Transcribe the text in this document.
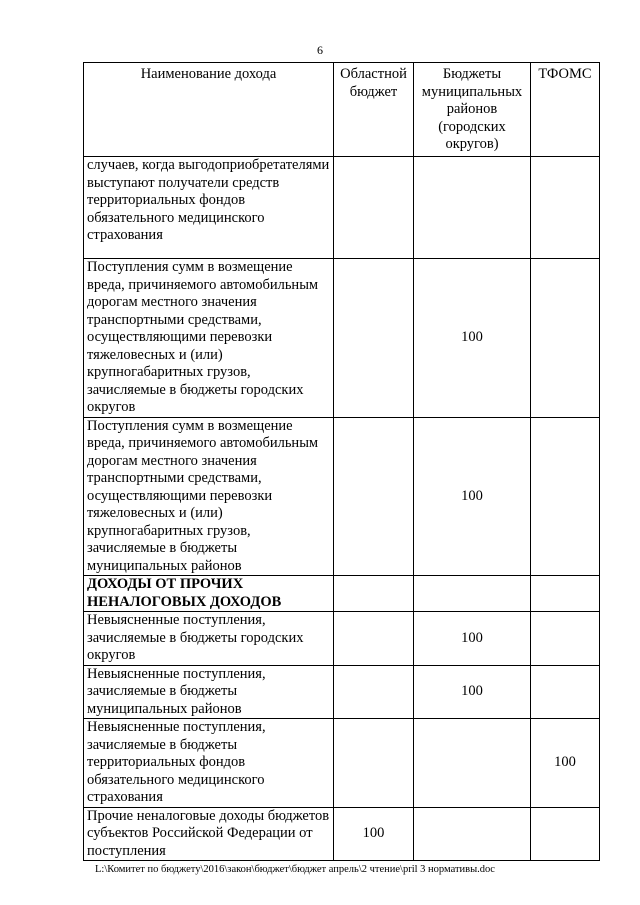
6
Наименование дохода	Областной бюджет	Бюджеты муниципальных районов (городских округов)	ТФОМС
случаев, когда выгодоприобретателями выступают получатели средств территориальных фондов обязательного медицинского страхования			
Поступления сумм в возмещение вреда, причиняемого автомобильным дорогам местного значения транспортными средствами, осуществляющими перевозки тяжеловесных и (или) крупногабаритных грузов, зачисляемые в бюджеты городских округов		100	
Поступления сумм в возмещение вреда, причиняемого автомобильным дорогам местного значения транспортными средствами, осуществляющими перевозки тяжеловесных и (или) крупногабаритных грузов, зачисляемые в бюджеты муниципальных районов		100	
ДОХОДЫ ОТ ПРОЧИХ НЕНАЛОГОВЫХ ДОХОДОВ			
Невыясненные поступления, зачисляемые в бюджеты городских округов		100	
Невыясненные поступления, зачисляемые в бюджеты муниципальных районов		100	
Невыясненные поступления, зачисляемые в бюджеты территориальных фондов обязательного медицинского страхования			100
Прочие неналоговые доходы бюджетов субъектов Российской Федерации от поступления	100		
L:\Комитет по бюджету\2016\закон\бюджет\бюджет апрель\2 чтение\pril 3 нормативы.doc
